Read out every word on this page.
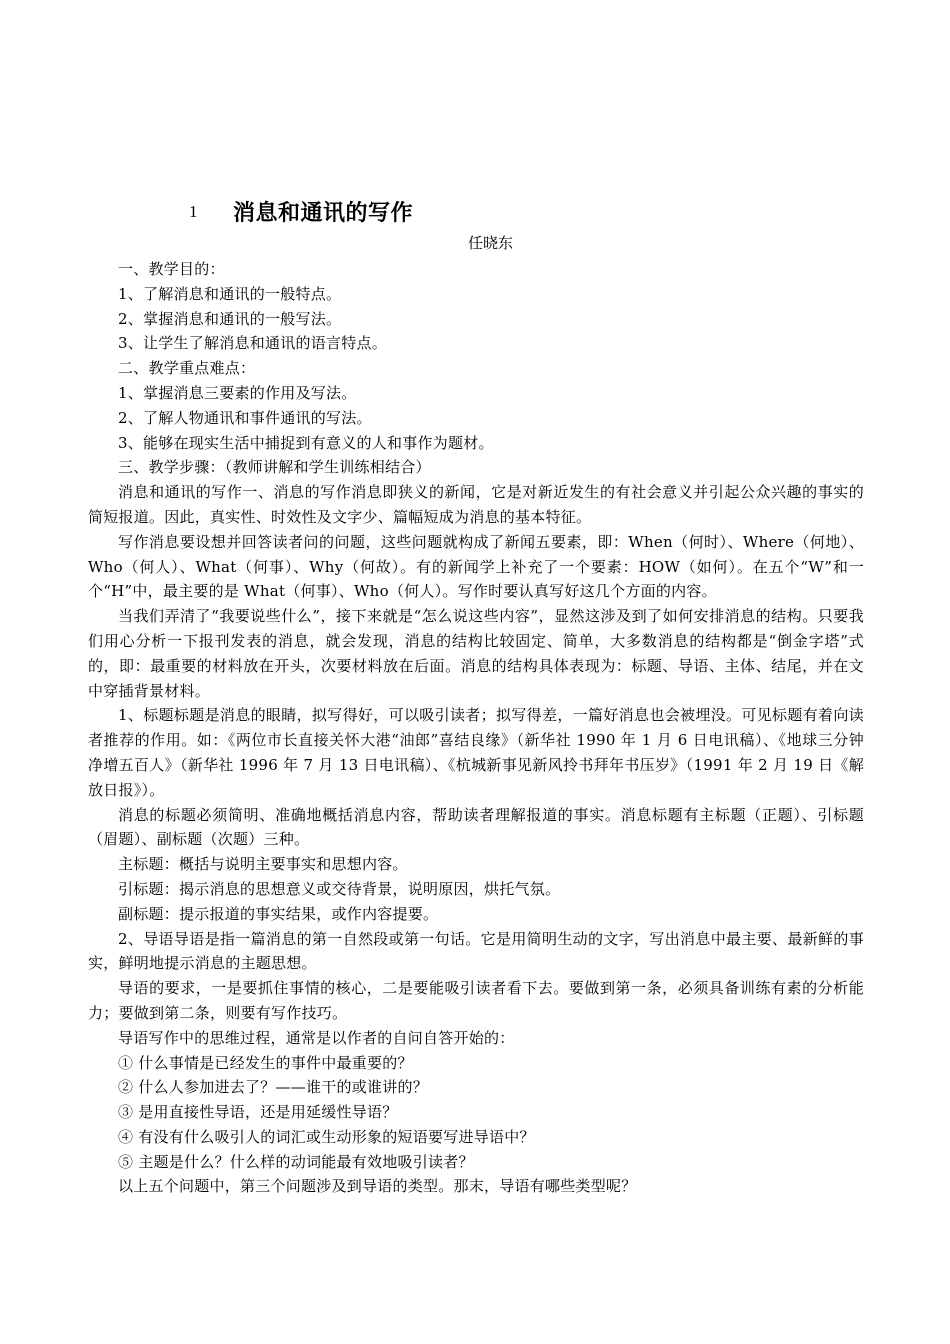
1 消息和通讯的写作
任晓东

一、教学目的：

1、了解消息和通讯的一般特点。

2、掌握消息和通讯的一般写法。

3、让学生了解消息和通讯的语言特点。

二、教学重点难点：

1、掌握消息三要素的作用及写法。

2、了解人物通讯和事件通讯的写法。

3、能够在现实生活中捕捉到有意义的人和事作为题材。

三、教学步骤：（教师讲解和学生训练相结合）

消息和通讯的写作一、消息的写作消息即狭义的新闻，它是对新近发生的有社会意义并引起公众兴趣的事实的简短报道。因此，真实性、时效性及文字少、篇幅短成为消息的基本特征。

写作消息要设想并回答读者问的问题，这些问题就构成了新闻五要素，即：When（何时）、Where（何地）、Who（何人）、What（何事）、Why（何故）。有的新闻学上补充了一个要素：HOW（如何）。在五个“W”和一个“H”中，最主要的是 What（何事）、Who（何人）。写作时要认真写好这几个方面的内容。

当我们弄清了“我要说些什么”，接下来就是“怎么说这些内容”，显然这涉及到了如何安排消息的结构。只要我们用心分析一下报刊发表的消息，就会发现，消息的结构比较固定、简单，大多数消息的结构都是“倒金字塔”式的，即：最重要的材料放在开头，次要材料放在后面。消息的结构具体表现为：标题、导语、主体、结尾，并在文中穿插背景材料。

1、标题标题是消息的眼睛，拟写得好，可以吸引读者；拟写得差，一篇好消息也会被埋没。可见标题有着向读者推荐的作用。如：《两位市长直接关怀大港“油郎”喜结良缘》（新华社 1990 年 1 月 6 日电讯稿）、《地球三分钟净增五百人》（新华社 1996 年 7 月 13 日电讯稿）、《杭城新事见新风拎书拜年书压岁》（1991 年 2 月 19 日《解放日报》）。

消息的标题必须简明、准确地概括消息内容，帮助读者理解报道的事实。消息标题有主标题（正题）、引标题（眉题）、副标题（次题）三种。

主标题：概括与说明主要事实和思想内容。

引标题：揭示消息的思想意义或交待背景，说明原因，烘托气氛。

副标题：提示报道的事实结果，或作内容提要。

2、导语导语是指一篇消息的第一自然段或第一句话。它是用简明生动的文字，写出消息中最主要、最新鲜的事实，鲜明地提示消息的主题思想。

导语的要求，一是要抓住事情的核心，二是要能吸引读者看下去。要做到第一条，必须具备训练有素的分析能力；要做到第二条，则要有写作技巧。

导语写作中的思维过程，通常是以作者的自问自答开始的：

① 什么事情是已经发生的事件中最重要的？

② 什么人参加进去了？——谁干的或谁讲的？

③ 是用直接性导语，还是用延缓性导语？

④ 有没有什么吸引人的词汇或生动形象的短语要写进导语中？

⑤ 主题是什么？什么样的动词能最有效地吸引读者？

以上五个问题中，第三个问题涉及到导语的类型。那末，导语有哪些类型呢？
